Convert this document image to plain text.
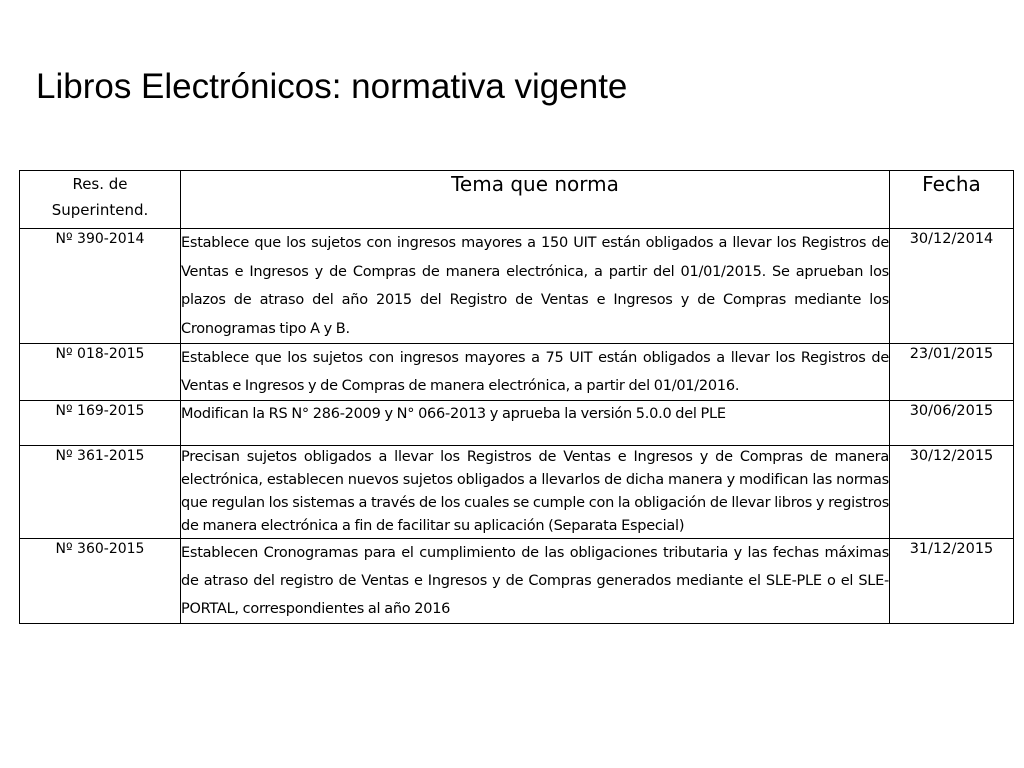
Libros Electrónicos: normativa vigente
Res. de
Superintend.	Tema que norma	Fecha
Nº 390-2014	Establece que los sujetos con ingresos mayores a 150 UIT están obligados a llevar los Registros de Ventas e Ingresos y de Compras de manera electrónica, a partir del 01/01/2015. Se aprueban los plazos de atraso del año 2015 del Registro de Ventas e Ingresos y de Compras mediante los Cronogramas tipo A y B.	30/12/2014
Nº 018-2015	Establece que los sujetos con ingresos mayores a 75 UIT están obligados a llevar los Registros de Ventas e Ingresos y de Compras de manera electrónica, a partir del 01/01/2016.	23/01/2015
Nº 169-2015	Modifican la RS N° 286-2009 y N° 066-2013 y aprueba la versión 5.0.0 del PLE	30/06/2015
Nº 361-2015	Precisan sujetos obligados a llevar los Registros de Ventas e Ingresos y de Compras de manera electrónica, establecen nuevos sujetos obligados a llevarlos de dicha manera y modifican las normas que regulan los sistemas a través de los cuales se cumple con la obligación de llevar libros y registros de manera electrónica a fin de facilitar su aplicación (Separata Especial)	30/12/2015
Nº 360-2015	Establecen Cronogramas para el cumplimiento de las obligaciones tributaria y las fechas máximas de atraso del registro de Ventas e Ingresos y de Compras generados mediante el SLE-PLE o el SLE-PORTAL, correspondientes al año 2016	31/12/2015
